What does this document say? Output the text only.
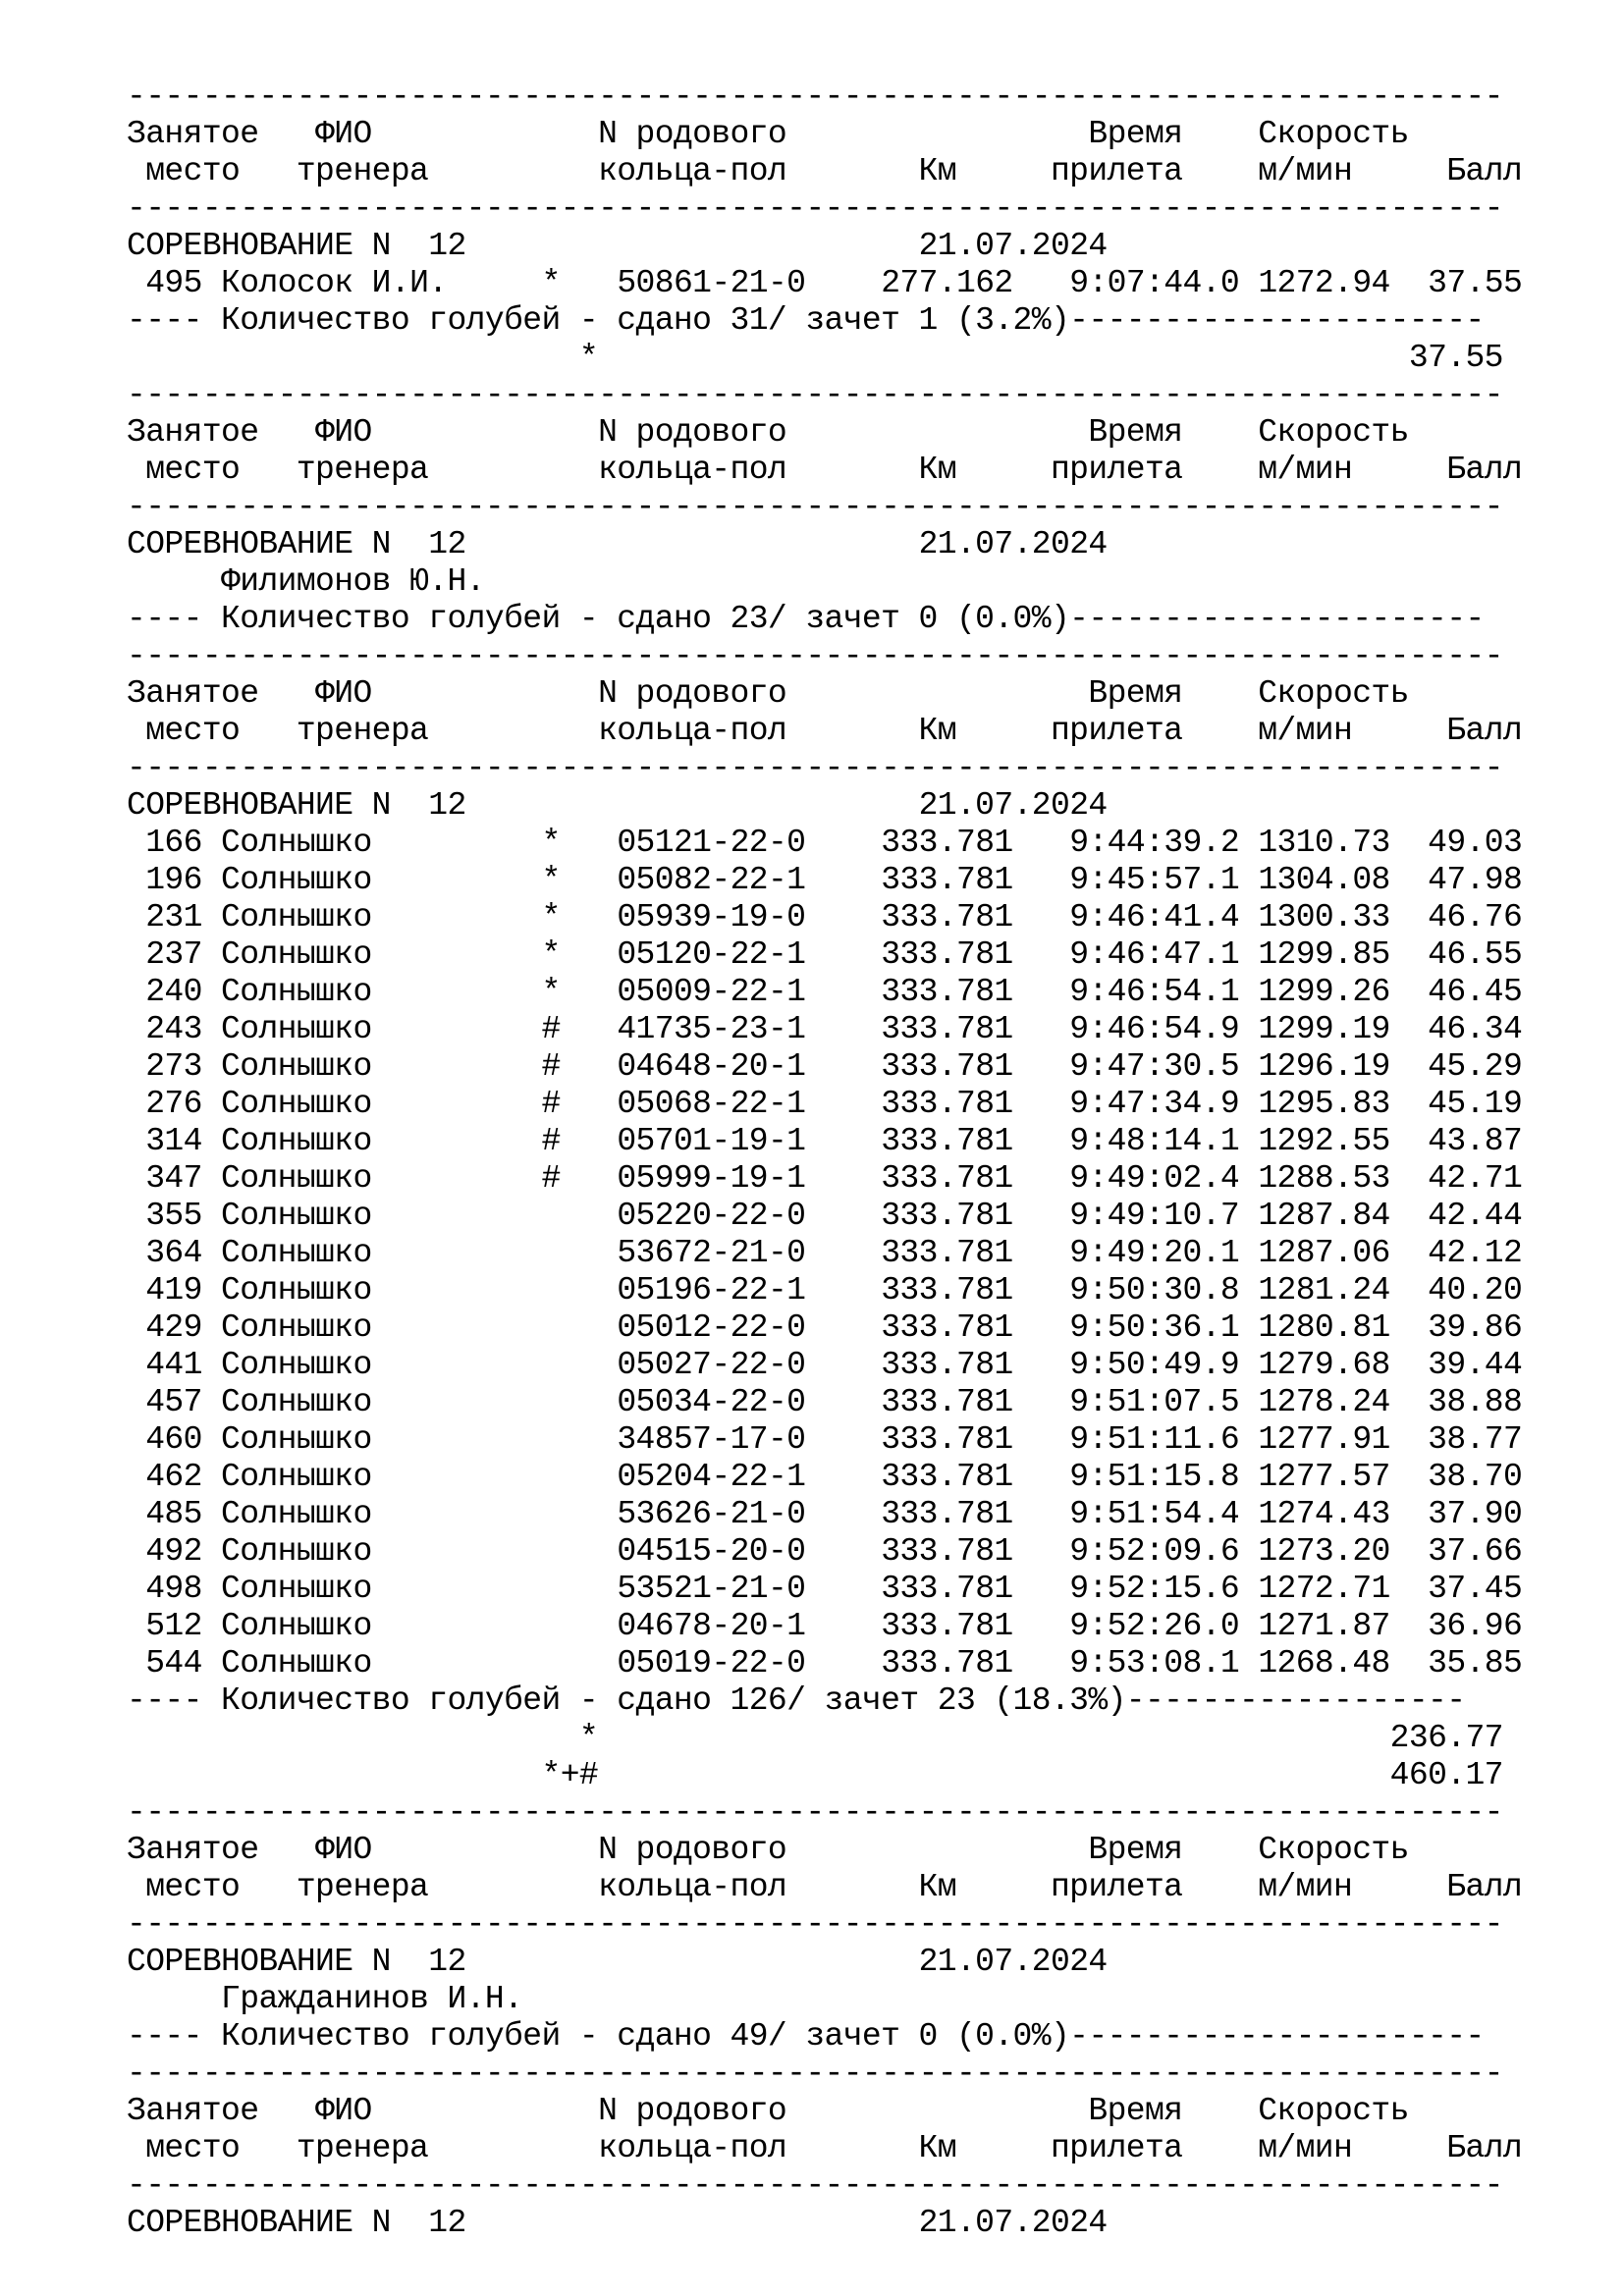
-------------------------------------------------------------------------
Занятое   ФИО            N родового                Время    Скорость
место   тренера         кольца-пол       Км     прилета    м/мин     Балл
-------------------------------------------------------------------------
СОРЕВНОВАНИЕ N  12	21.07.2024
495 Колосок И.И.     *   50861-21-0    277.162   9:07:44.0 1272.94  37.55
---- Количество голубей - сдано 31/ зачет 1 (3.2%)----------------------
*	37.55
-------------------------------------------------------------------------
Занятое   ФИО            N родового                Время    Скорость
место   тренера         кольца-пол       Км     прилета    м/мин     Балл
-------------------------------------------------------------------------
СОРЕВНОВАНИЕ N  12	21.07.2024
Филимонов Ю.Н.
---- Количество голубей - сдано 23/ зачет 0 (0.0%)----------------------
-------------------------------------------------------------------------
Занятое   ФИО            N родового                Время    Скорость
место   тренера         кольца-пол       Км     прилета    м/мин     Балл
-------------------------------------------------------------------------
СОРЕВНОВАНИЕ N  12	21.07.2024
166 Солнышко         *   05121-22-0    333.781   9:44:39.2 1310.73  49.03
196 Солнышко         *   05082-22-1    333.781   9:45:57.1 1304.08  47.98
231 Солнышко         *   05939-19-0    333.781   9:46:41.4 1300.33  46.76
237 Солнышко         *   05120-22-1    333.781   9:46:47.1 1299.85  46.55
240 Солнышко         *   05009-22-1    333.781   9:46:54.1 1299.26  46.45
243 Солнышко         #   41735-23-1    333.781   9:46:54.9 1299.19  46.34
273 Солнышко         #   04648-20-1    333.781   9:47:30.5 1296.19  45.29
276 Солнышко         #   05068-22-1    333.781   9:47:34.9 1295.83  45.19
314 Солнышко         #   05701-19-1    333.781   9:48:14.1 1292.55  43.87
347 Солнышко         #   05999-19-1    333.781   9:49:02.4 1288.53  42.71
355 Солнышко             05220-22-0    333.781   9:49:10.7 1287.84  42.44
364 Солнышко             53672-21-0    333.781   9:49:20.1 1287.06  42.12
419 Солнышко             05196-22-1    333.781   9:50:30.8 1281.24  40.20
429 Солнышко             05012-22-0    333.781   9:50:36.1 1280.81  39.86
441 Солнышко             05027-22-0    333.781   9:50:49.9 1279.68  39.44
457 Солнышко             05034-22-0    333.781   9:51:07.5 1278.24  38.88
460 Солнышко             34857-17-0    333.781   9:51:11.6 1277.91  38.77
462 Солнышко             05204-22-1    333.781   9:51:15.8 1277.57  38.70
485 Солнышко             53626-21-0    333.781   9:51:54.4 1274.43  37.90
492 Солнышко             04515-20-0    333.781   9:52:09.6 1273.20  37.66
498 Солнышко             53521-21-0    333.781   9:52:15.6 1272.71  37.45
512 Солнышко             04678-20-1    333.781   9:52:26.0 1271.87  36.96
544 Солнышко             05019-22-0    333.781   9:53:08.1 1268.48  35.85
---- Количество голубей - сдано 126/ зачет 23 (18.3%)------------------
*	236.77
*+#	460.17
-------------------------------------------------------------------------
Занятое   ФИО            N родового                Время    Скорость
место   тренера         кольца-пол       Км     прилета    м/мин     Балл
-------------------------------------------------------------------------
СОРЕВНОВАНИЕ N  12	21.07.2024
Гражданинов И.Н.
---- Количество голубей - сдано 49/ зачет 0 (0.0%)----------------------
-------------------------------------------------------------------------
Занятое   ФИО            N родового                Время    Скорость
место   тренера         кольца-пол       Км     прилета    м/мин     Балл
-------------------------------------------------------------------------
СОРЕВНОВАНИЕ N  12	21.07.2024
